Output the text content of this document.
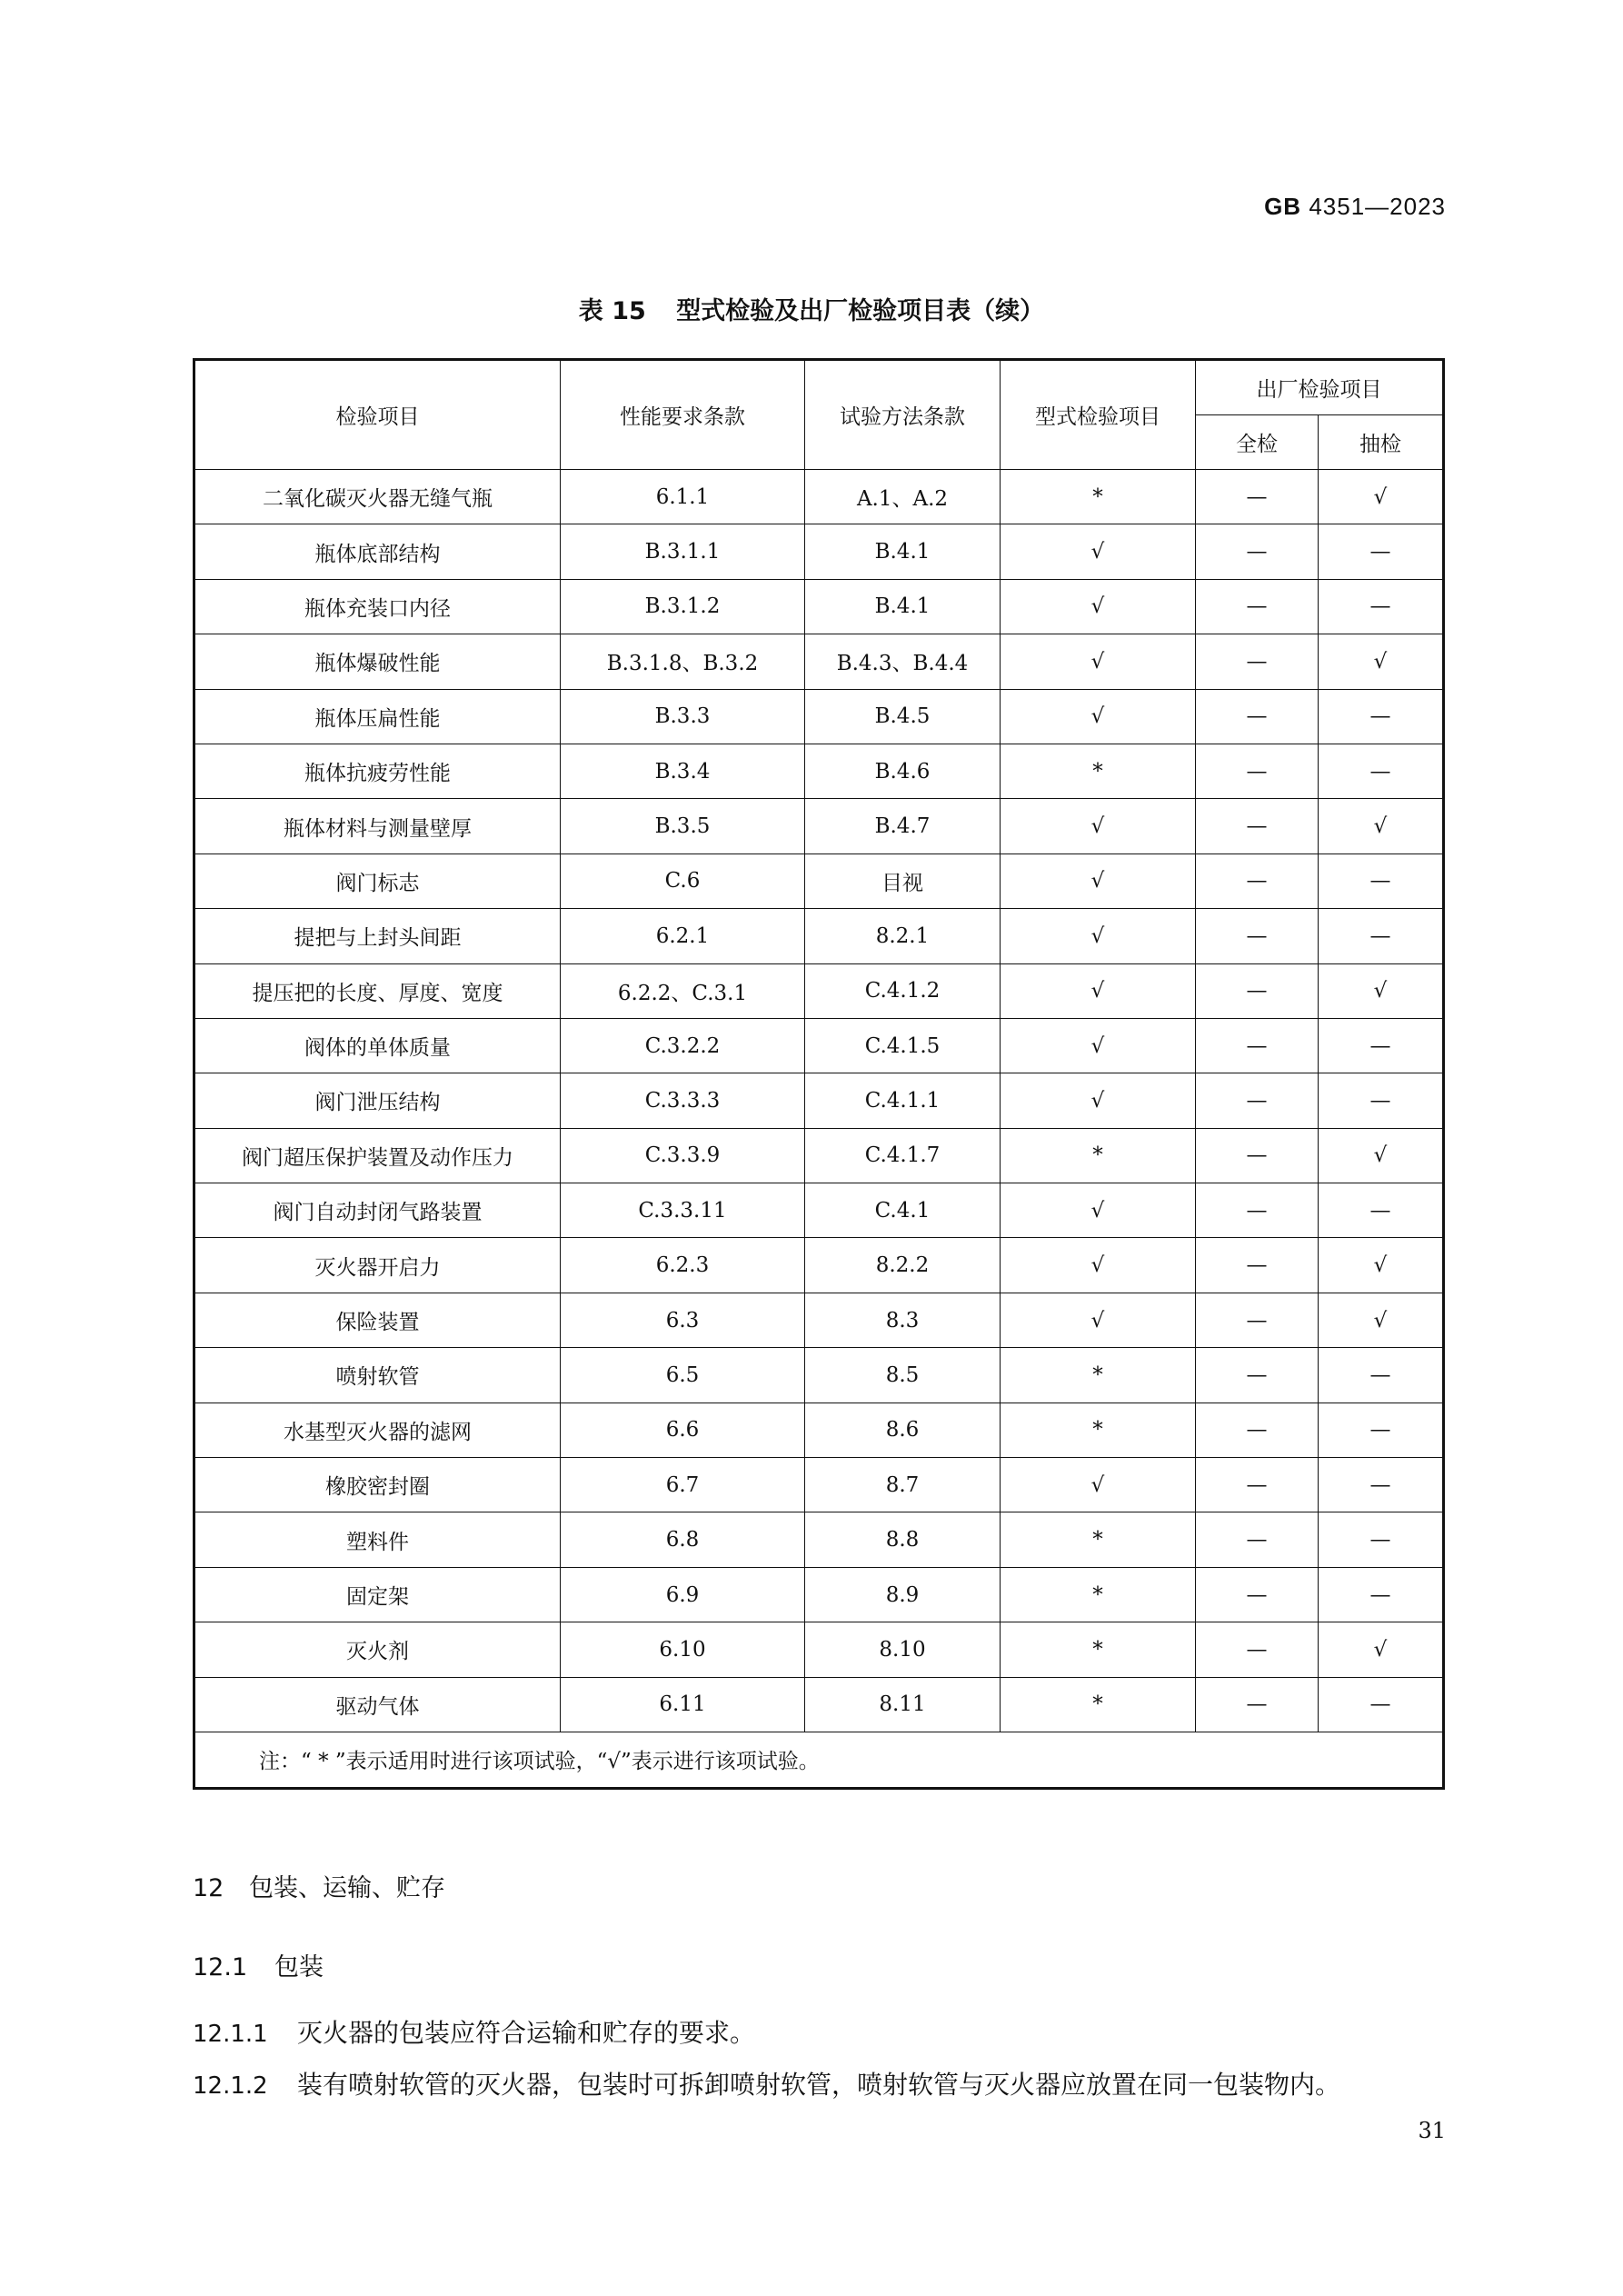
GB 4351—2023
表 15 型式检验及出厂检验项目表（续）
检验项目	性能要求条款	试验方法条款	型式检验项目	出厂检验项目	
				全检	抽检
二氧化碳灭火器无缝气瓶	6.1.1	A.1、A.2	*	—	√
瓶体底部结构	B.3.1.1	B.4.1	√	—	—
瓶体充装口内径	B.3.1.2	B.4.1	√	—	—
瓶体爆破性能	B.3.1.8、B.3.2	B.4.3、B.4.4	√	—	√
瓶体压扁性能	B.3.3	B.4.5	√	—	—
瓶体抗疲劳性能	B.3.4	B.4.6	*	—	—
瓶体材料与测量壁厚	B.3.5	B.4.7	√	—	√
阀门标志	C.6	目视	√	—	—
提把与上封头间距	6.2.1	8.2.1	√	—	—
提压把的长度、厚度、宽度	6.2.2、C.3.1	C.4.1.2	√	—	√
阀体的单体质量	C.3.2.2	C.4.1.5	√	—	—
阀门泄压结构	C.3.3.3	C.4.1.1	√	—	—
阀门超压保护装置及动作压力	C.3.3.9	C.4.1.7	*	—	√
阀门自动封闭气路装置	C.3.3.11	C.4.1	√	—	—
灭火器开启力	6.2.3	8.2.2	√	—	√
保险装置	6.3	8.3	√	—	√
喷射软管	6.5	8.5	*	—	—
水基型灭火器的滤网	6.6	8.6	*	—	—
橡胶密封圈	6.7	8.7	√	—	—
塑料件	6.8	8.8	*	—	—
固定架	6.9	8.9	*	—	—
灭火剂	6.10	8.10	*	—	√
驱动气体	6.11	8.11	*	—	—
注：“ * ”表示适用时进行该项试验，“√”表示进行该项试验。					
12 包装、运输、贮存
12.1 包装
12.1.1 灭火器的包装应符合运输和贮存的要求。
12.1.2 装有喷射软管的灭火器，包装时可拆卸喷射软管，喷射软管与灭火器应放置在同一包装物内。
31
